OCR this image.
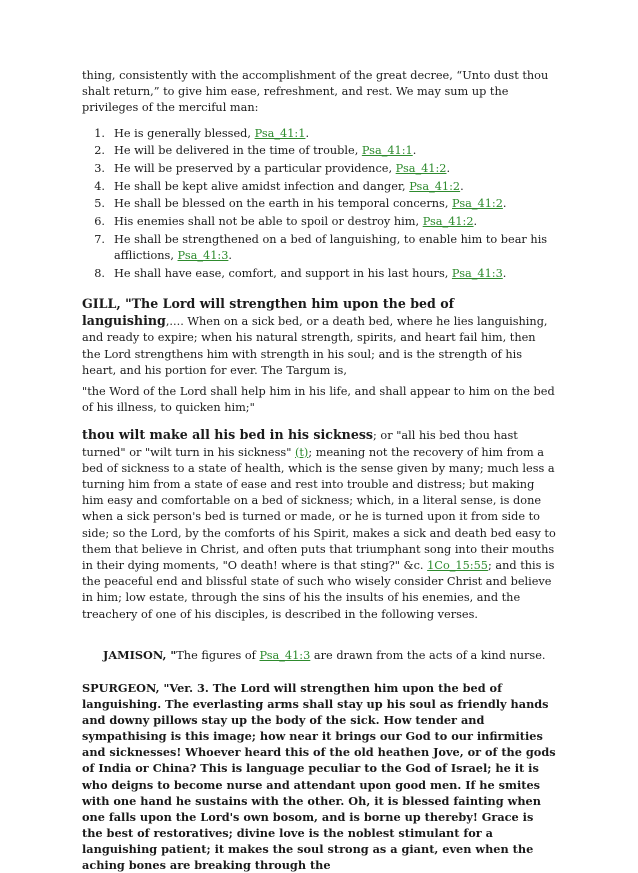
thing, consistently with the accomplishment of the great decree, “Unto dust thou shalt return,” to give him ease, refreshment, and rest. We may sum up the privileges of the merciful man:

1. He is generally blessed, Psa_41:1.
2. He will be delivered in the time of trouble, Psa_41:1.
3. He will be preserved by a particular providence, Psa_41:2.
4. He shall be kept alive amidst infection and danger, Psa_41:2.
5. He shall be blessed on the earth in his temporal concerns, Psa_41:2.
6. His enemies shall not be able to spoil or destroy him, Psa_41:2.
7. He shall be strengthened on a bed of languishing, to enable him to bear his afflictions, Psa_41:3.
8. He shall have ease, comfort, and support in his last hours, Psa_41:3.

GILL, "The Lord will strengthen him upon the bed of languishing,.... When on a sick bed, or a death bed, where he lies languishing, and ready to expire; when his natural strength, spirits, and heart fail him, then the Lord strengthens him with strength in his soul; and is the strength of his heart, and his portion for ever. The Targum is,

"the Word of the Lord shall help him in his life, and shall appear to him on the bed of his illness, to quicken him;"

thou wilt make all his bed in his sickness; or "all his bed thou hast turned" or "wilt turn in his sickness" (t); meaning not the recovery of him from a bed of sickness to a state of health, which is the sense given by many; much less a turning him from a state of ease and rest into trouble and distress; but making him easy and comfortable on a bed of sickness; which, in a literal sense, is done when a sick person's bed is turned or made, or he is turned upon it from side to side; so the Lord, by the comforts of his Spirit, makes a sick and death bed easy to them that believe in Christ, and often puts that triumphant song into their mouths in their dying moments, "O death! where is that sting?" &c. 1Co_15:55; and this is the peaceful end and blissful state of such who wisely consider Christ and believe in him; low estate, through the sins of his the insults of his enemies, and the treachery of one of his disciples, is described in the following verses.

JAMISON, "The figures of Psa_41:3 are drawn from the acts of a kind nurse.

SPURGEON, "Ver. 3. The Lord will strengthen him upon the bed of languishing. The everlasting arms shall stay up his soul as friendly hands and downy pillows stay up the body of the sick. How tender and sympathising is this image; how near it brings our God to our infirmities and sicknesses! Whoever heard this of the old heathen Jove, or of the gods of India or China? This is language peculiar to the God of Israel; he it is who deigns to become nurse and attendant upon good men. If he smites with one hand he sustains with the other. Oh, it is blessed fainting when one falls upon the Lord's own bosom, and is borne up thereby! Grace is the best of restoratives; divine love is the noblest stimulant for a languishing patient; it makes the soul strong as a giant, even when the aching bones are breaking through the
